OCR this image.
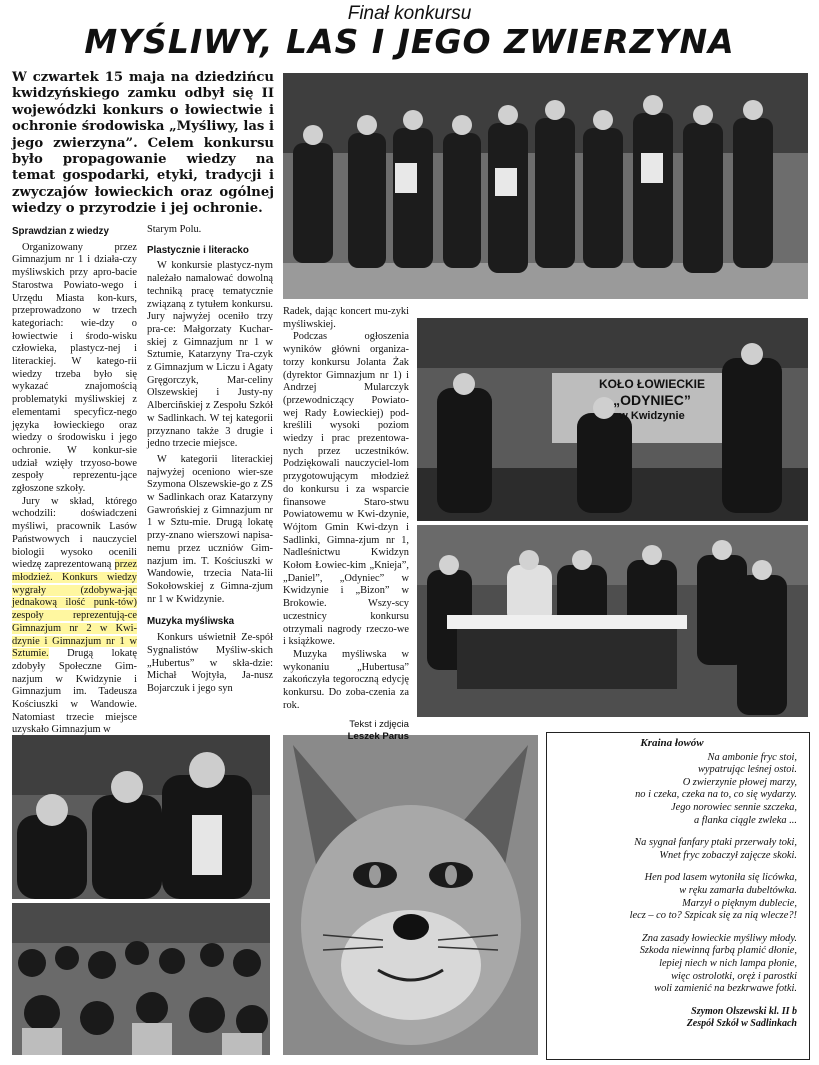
Finał konkursu
MYŚLIWY, LAS I JEGO ZWIERZYNA
W czwartek 15 maja na dziedzińcu kwidzyńskiego zamku odbył się II wojewódzki konkurs o łowiectwie i ochronie środowiska „Myśliwy, las i jego zwierzyna”. Celem konkursu było propagowanie wiedzy na temat gospodarki, etyki, tradycji i zwyczajów łowieckich oraz ogólnej wiedzy o przyrodzie i jej ochronie.
KOŁO ŁOWIECKIE
„ODYNIEC”
w Kwidzynie

Sprawdzian z wiedzy

Organizowany przez Gimnazjum nr 1 i działa-czy myśliwskich przy apro-bacie Starostwa Powiato-wego i Urzędu Miasta kon-kurs, przeprowadzono w trzech kategoriach: wie-dzy o łowiectwie i środo-wisku człowieka, plastycz-nej i literackiej. W katego-rii wiedzy trzeba było się wykazać znajomością problematyki myśliwskiej z elementami specyficz-nego języka łowieckiego oraz wiedzy o środowisku i jego ochronie. W konkur-sie udział wzięły trzyoso-bowe zespoły reprezentu-jące zgłoszone szkoły.

Jury w skład, którego wchodzili: doświadczeni myśliwi, pracownik Lasów Państwowych i nauczyciel biologii wysoko ocenili wiedzę zaprezentowaną przez młodzież. Konkurs wiedzy wygrały (zdobywa-jąc jednakową ilość punk-tów) zespoły reprezentują-ce Gimnazjum nr 2 w Kwi-dzynie i Gimnazjum nr 1 w Sztumie. Drugą lokatę zdobyły Społeczne Gim-nazjum w Kwidzynie i Gimnazjum im. Tadeusza Kościuszki w Wandowie. Natomiast trzecie miejsce uzyskało Gimnazjum w

Starym Polu.

Plastycznie i literacko

W konkursie plastycz-nym należało namalować dowolną techniką pracę tematycznie związaną z tytułem konkursu. Jury najwyżej oceniło trzy pra-ce: Małgorzaty Kuchar-skiej z Gimnazjum nr 1 w Sztumie, Katarzyny Tra-czyk z Gimnazjum w Liczu i Agaty Gręgorczyk, Mar-celiny Olszewskiej i Justy-ny Alberciñskiej z Zespołu Szkół w Sadlinkach. W tej kategorii przyznano także 3 drugie i jedno trzecie miejsce.

W kategorii literackiej najwyżej oceniono wier-sze Szymona Olszewskie-go z ZS w Sadlinkach oraz Katarzyny Gawrońskiej z Gimnazjum nr 1 w Sztu-mie. Drugą lokatę przy-znano wierszowi napisa-nemu przez uczniów Gim-nazjum im. T. Kościuszki w Wandowie, trzecia Nata-lii Sokołowskiej z Gimna-zjum nr 1 w Kwidzynie.

Muzyka myśliwska

Konkurs uświetnił Ze-spół Sygnalistów Myśliw-skich „Hubertus” w skła-dzie: Michał Wojtyła, Ja-nusz Bojarczuk i jego syn

Radek, dając koncert mu-zyki myśliwskiej.

Podczas ogłoszenia wyników główni organiza-torzy konkursu Jolanta Żak (dyrektor Gimnazjum nr 1) i Andrzej Mularczyk (przewodniczący Powiato-wej Rady Łowieckiej) pod-kreślili wysoki poziom wiedzy i prac prezentowa-nych przez uczestników. Podziękowali nauczyciel-lom przygotowującym młodzież do konkursu i za wsparcie finansowe Staro-stwu Powiatowemu w Kwi-dzynie, Wójtom Gmin Kwi-dzyn i Sadlinki, Gimna-zjum nr 1, Nadleśnictwu Kwidzyn Kołom Łowiec-kim „Knieja”, „Daniel”, „Odyniec” w Kwidzynie i „Bizon” w Brokowie. Wszy-scy uczestnicy konkursu otrzymali nagrody rzeczo-we i książkowe.

Muzyka myśliwska w wykonaniu „Hubertusa” zakończyła tegoroczną edycję konkursu. Do zoba-czenia za rok.

Tekst i zdjęcia

Leszek Parus

Kraina łowów
Na ambonie fryc stoi,
wypatrując leśnej ostoi.
O zwierzynie płowej marzy,
no i czeka, czeka na to, co się wydarzy.
Jego norowiec sennie szczeka,
a flanka ciągle zwleka ...
Na sygnał fanfary ptaki przerwały toki,
Wnet fryc zobaczył zajęcze skoki.
Hen pod lasem wytoniła się licówka,
w ręku zamarła dubeltówka.
Marzył o pięknym dublecie,
lecz – co to? Szpicak się za nią wlecze?!
Zna zasady łowieckie myśliwy młody.
Szkoda niewinną farbą plamić dłonie,
lepiej niech w nich lampa płonie,
więc ostrolotki, oręż i parostki
woli zamienić na bezkrwawe fotki.
Szymon Olszewski kl. II b
Zespół Szkół w Sadlinkach
